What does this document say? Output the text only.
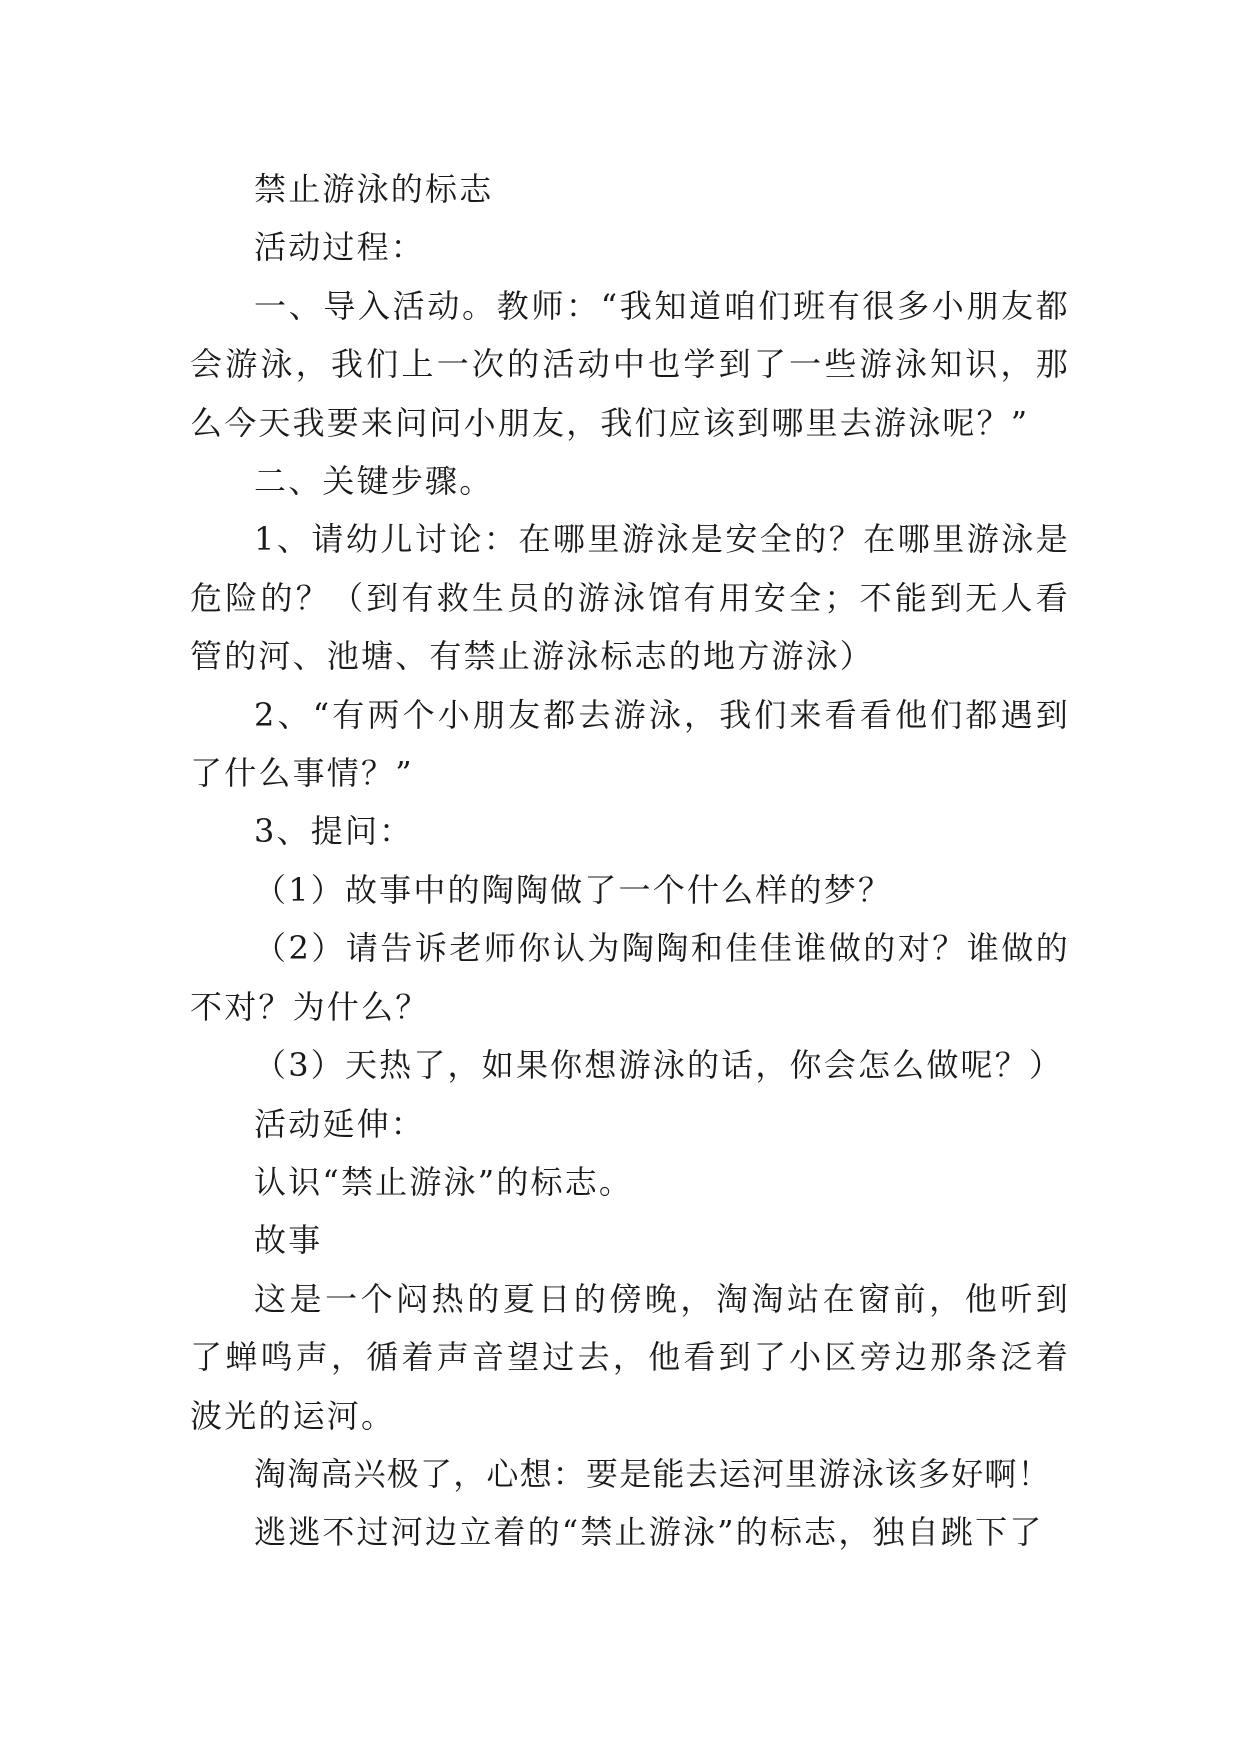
禁止游泳的标志

活动过程：

一、导入活动。教师：“我知道咱们班有很多小朋友都会游泳，我们上一次的活动中也学到了一些游泳知识，那么今天我要来问问小朋友，我们应该到哪里去游泳呢？”

二、关键步骤。

1、请幼儿讨论：在哪里游泳是安全的？在哪里游泳是危险的？（到有救生员的游泳馆有用安全；不能到无人看管的河、池塘、有禁止游泳标志的地方游泳）

2、“有两个小朋友都去游泳，我们来看看他们都遇到了什么事情？”

3、提问：

（1）故事中的陶陶做了一个什么样的梦？

（2）请告诉老师你认为陶陶和佳佳谁做的对？谁做的不对？为什么？

（3）天热了，如果你想游泳的话，你会怎么做呢？）

活动延伸：

认识“禁止游泳”的标志。

故事

这是一个闷热的夏日的傍晚，淘淘站在窗前，他听到了蝉鸣声，循着声音望过去，他看到了小区旁边那条泛着波光的运河。

淘淘高兴极了，心想：要是能去运河里游泳该多好啊！

逃逃不过河边立着的“禁止游泳”的标志，独自跳下了
